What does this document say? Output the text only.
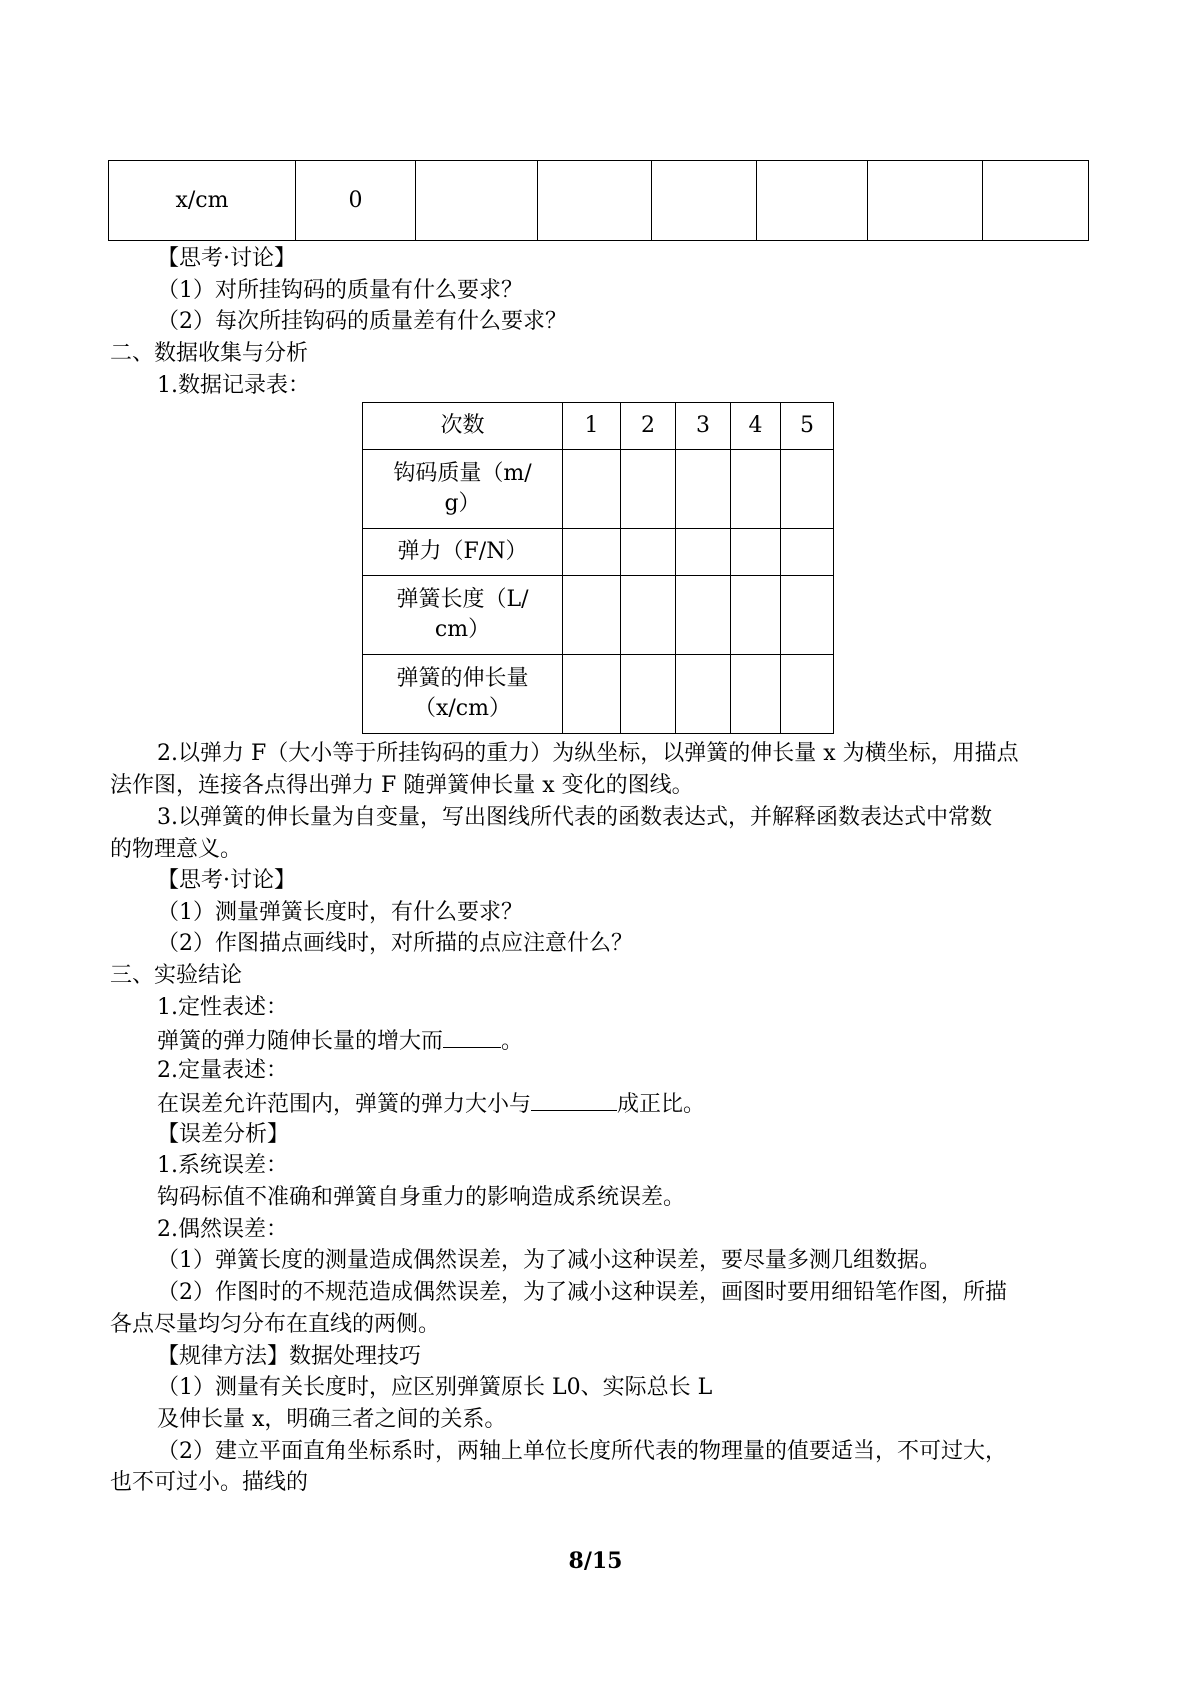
x/cm	0						
【思考·讨论】
（1）对所挂钩码的质量有什么要求？
（2）每次所挂钩码的质量差有什么要求？
二、数据收集与分析
1.数据记录表：
次数	1	2	3	4	5
钩码质量（m/
g）					
弹力（F/N）					
弹簧长度（L/
cm）					
弹簧的伸长量
（x/cm）					
2.以弹力 F（大小等于所挂钩码的重力）为纵坐标，以弹簧的伸长量 x 为横坐标，用描点
法作图，连接各点得出弹力 F 随弹簧伸长量 x 变化的图线。
3.以弹簧的伸长量为自变量，写出图线所代表的函数表达式，并解释函数表达式中常数
的物理意义。
【思考·讨论】
（1）测量弹簧长度时，有什么要求？
（2）作图描点画线时，对所描的点应注意什么？
三、实验结论
1.定性表述：
弹簧的弹力随伸长量的增大而	。
2.定量表述：
在误差允许范围内，弹簧的弹力大小与	成正比。
【误差分析】
1.系统误差：
钩码标值不准确和弹簧自身重力的影响造成系统误差。
2.偶然误差：
（1）弹簧长度的测量造成偶然误差，为了减小这种误差，要尽量多测几组数据。
（2）作图时的不规范造成偶然误差，为了减小这种误差，画图时要用细铅笔作图，所描
各点尽量均匀分布在直线的两侧。
【规律方法】数据处理技巧
（1）测量有关长度时，应区别弹簧原长 L0、实际总长 L
及伸长量 x，明确三者之间的关系。
（2）建立平面直角坐标系时，两轴上单位长度所代表的物理量的值要适当，不可过大，
也不可过小。描线的
8/15
